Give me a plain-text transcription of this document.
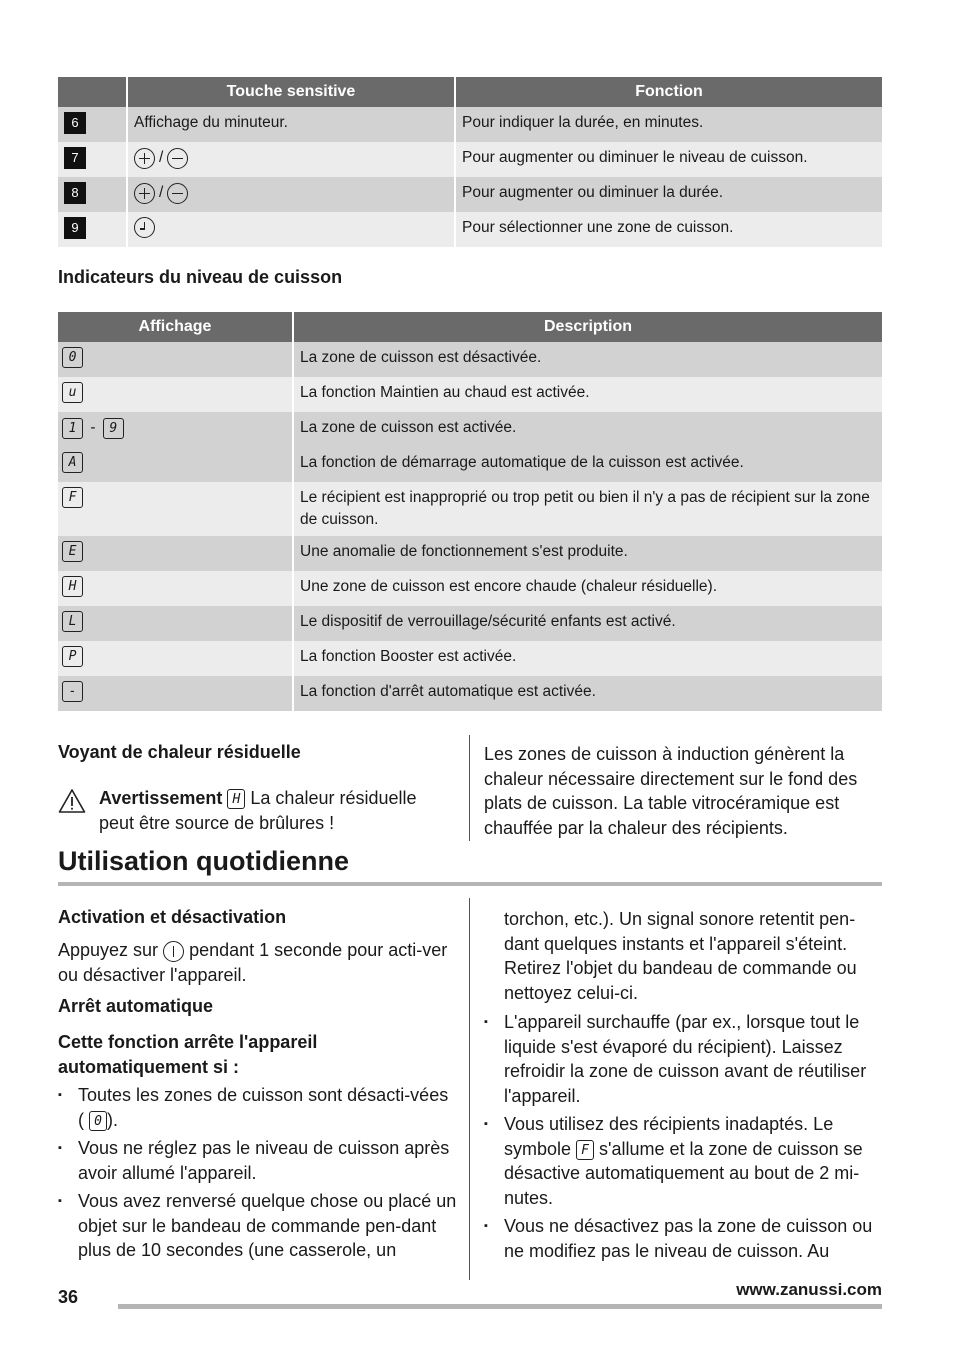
	Touche sensitive	Fonction
6	Affichage du minuteur.	Pour indiquer la durée, en minutes.
7	/	Pour augmenter ou diminuer le niveau de cuisson.
8	/	Pour augmenter ou diminuer la durée.
9		Pour sélectionner une zone de cuisson.
Indicateurs du niveau de cuisson
Affichage	Description
0	La zone de cuisson est désactivée.
u	La fonction Maintien au chaud est activée.
1 - 9	La zone de cuisson est activée.
A	La fonction de démarrage automatique de la cuisson est activée.
F	Le récipient est inapproprié ou trop petit ou bien il n'y a pas de récipient sur la zone de cuisson.
E	Une anomalie de fonctionnement s'est produite.
H	Une zone de cuisson est encore chaude (chaleur résiduelle).
L	Le dispositif de verrouillage/sécurité enfants est activé.
P	La fonction Booster est activée.
-	La fonction d'arrêt automatique est activée.
Voyant de chaleur résiduelle
Avertissement H La chaleur résiduelle
peut être source de brûlures !
Les zones de cuisson à induction génèrent la chaleur nécessaire directement sur le fond des plats de cuisson. La table vitrocéramique est chauffée par la chaleur des récipients.
Utilisation quotidienne
Activation et désactivation
Appuyez sur  pendant 1 seconde pour acti-ver ou désactiver l'appareil.
Arrêt automatique
Cette fonction arrête l'appareil automatiquement si :
▪ Toutes les zones de cuisson sont désacti-vées ( 0 ).
▪ Vous ne réglez pas le niveau de cuisson après avoir allumé l'appareil.
▪ Vous avez renversé quelque chose ou placé un objet sur le bandeau de commande pen-dant plus de 10 secondes (une casserole, un
torchon, etc.). Un signal sonore retentit pen-dant quelques instants et l'appareil s'éteint. Retirez l'objet du bandeau de commande ou nettoyez celui-ci.
▪ L'appareil surchauffe (par ex., lorsque tout le liquide s'est évaporé du récipient). Laissez refroidir la zone de cuisson avant de réutiliser l'appareil.
▪ Vous utilisez des récipients inadaptés. Le symbole F s'allume et la zone de cuisson se désactive automatiquement au bout de 2 mi-nutes.
▪ Vous ne désactivez pas la zone de cuisson ou ne modifiez pas le niveau de cuisson. Au
36	www.zanussi.com
